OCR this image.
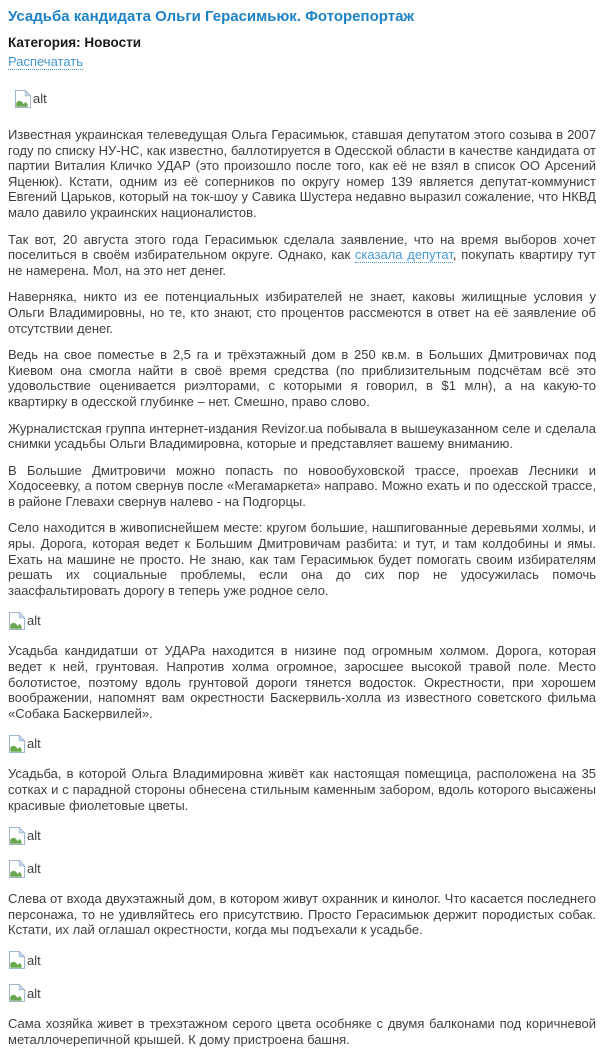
Усадьба кандидата Ольги Герасимьюк. Фоторепортаж
Категория: Новости
Распечатать
alt

Известная украинская телеведущая Ольга Герасимьюк, ставшая депутатом этого созыва в 2007 году по списку НУ-НС, как известно, баллотируется в Одесской области в качестве кандидата от партии Виталия Кличко УДАР (это произошло после того, как её не взял в список ОО Арсений Яценюк). Кстати, одним из её соперников по округу номер 139 является депутат-коммунист Евгений Царьков, который на ток-шоу у Савика Шустера недавно выразил сожаление, что НКВД мало давило украинских националистов.

Так вот, 20 августа этого года Герасимьюк сделала заявление, что на время выборов хочет поселиться в своём избирательном округе. Однако, как сказала депутат, покупать квартиру тут не намерена. Мол, на это нет денег.

Наверняка, никто из ее потенциальных избирателей не знает, каковы жилищные условия у Ольги Владимировны, но те, кто знают, сто процентов рассмеются в ответ на её заявление об отсутствии денег.

Ведь на свое поместье в 2,5 га и трёхэтажный дом в 250 кв.м. в Больших Дмитровичах под Киевом она смогла найти в своё время средства (по приблизительным подсчётам всё это удовольствие оценивается риэлторами, с которыми я говорил, в $1 млн), а на какую-то квартирку в одесской глубинке – нет. Смешно, право слово.

Журналистская группа интернет-издания Revizor.ua побывала в вышеуказанном селе и сделала снимки усадьбы Ольги Владимировна, которые и представляет вашему вниманию.

В Большие Дмитровичи можно попасть по новообуховской трассе, проехав Лесники и Ходосеевку, а потом свернув после «Мегамаркета» направо. Можно ехать и по одесской трассе, в районе Глевахи свернув налево - на Подгорцы.

Село находится в живописнейшем месте: кругом большие, нашпигованные деревьями холмы, и яры. Дорога, которая ведет к Большим Дмитровичам разбита: и тут, и там колдобины и ямы. Ехать на машине не просто. Не знаю, как там Герасимьюк будет помогать своим избирателям решать их социальные проблемы, если она до сих пор не удосужилась помочь заасфальтировать дорогу в теперь уже родное село.

alt

Усадьба кандидатши от УДАРа находится в низине под огромным холмом. Дорога, которая ведет к ней, грунтовая. Напротив холма огромное, заросшее высокой травой поле. Место болотистое, поэтому вдоль грунтовой дороги тянется водосток. Окрестности, при хорошем воображении, напомнят вам окрестности Баскервиль-холла из известного советского фильма «Собака Баскервилей».

alt

Усадьба, в которой Ольга Владимировна живёт как настоящая помещица, расположена на 35 сотках и с парадной стороны обнесена стильным каменным забором, вдоль которого высажены красивые фиолетовые цветы.

alt
alt

Слева от входа двухэтажный дом, в котором живут охранник и кинолог. Что касается последнего персонажа, то не удивляйтесь его присутствию. Просто Герасимьюк держит породистых собак. Кстати, их лай оглашал окрестности, когда мы подъехали к усадьбе.

alt
alt

Сама хозяйка живет в трехэтажном серого цвета особняке с двумя балконами под коричневой металлочерепичной крышей. К дому пристроена башня.
